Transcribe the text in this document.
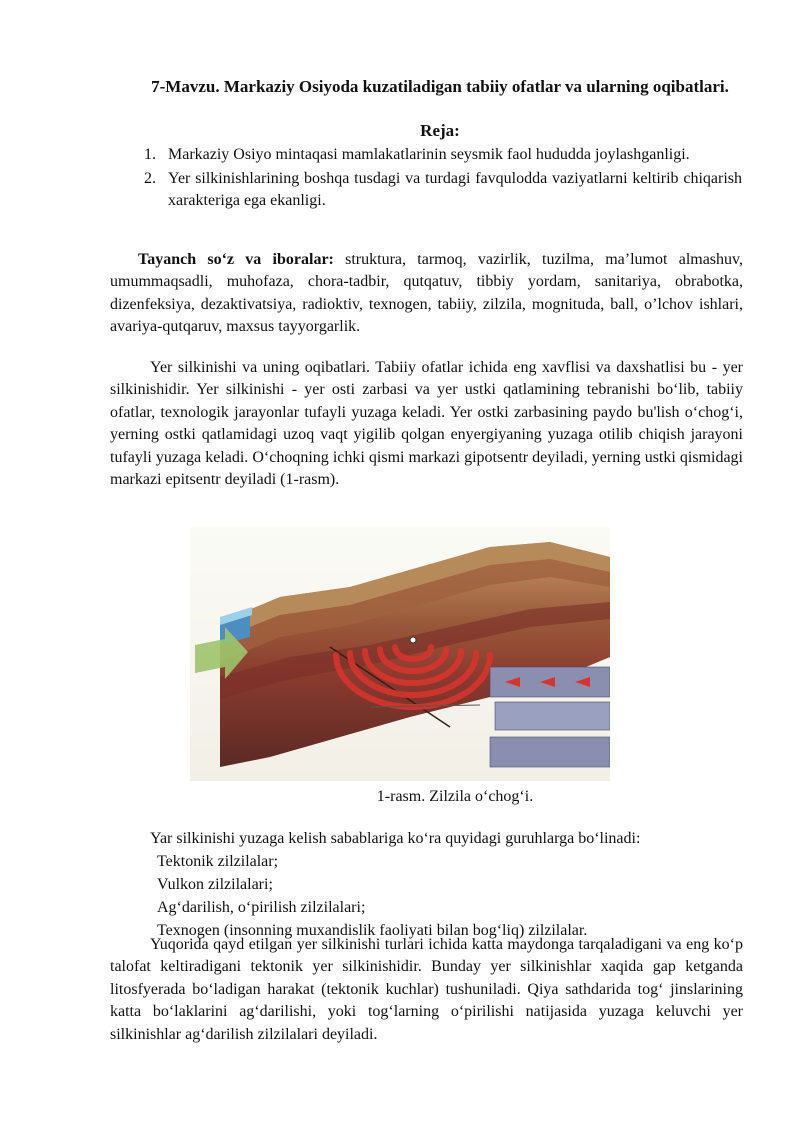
7-Mavzu. Markaziy Osiyoda kuzatiladigan tabiiy ofatlar va ularning oqibatlari.
Reja:
1. Markaziy Osiyo mintaqasi mamlakatlarinin seysmik faol hududda joylashganligi.
2. Yer silkinishlarining boshqa tusdagi va turdagi favqulodda vaziyatlarni keltirib chiqarish xarakteriga ega ekanligi.

Tayanch so‘z va iboralar: struktura, tarmoq, vazirlik, tuzilma, ma’lumot almashuv, umummaqsadli, muhofaza, chora-tadbir, qutqatuv, tibbiy yordam, sanitariya, obrabotka, dizenfeksiya, dezaktivatsiya, radioktiv, texnogen, tabiiy, zilzila, mognituda, ball, o’lchov ishlari, avariya-qutqaruv, maxsus tayyorgarlik.

Yer silkinishi va uning oqibatlari. Tabiiy ofatlar ichida eng xavflisi va daxshatlisi bu - yer silkinishidir. Yer silkinishi - yer osti zarbasi va yer ustki qatlamining tebranishi bo‘lib, tabiiy ofatlar, texnologik jarayonlar tufayli yuzaga keladi. Yer ostki zarbasining paydo bu'lish o‘chog‘i, yerning ostki qatlamidagi uzoq vaqt yigilib qolgan enyergiyaning yuzaga otilib chiqish jarayoni tufayli yuzaga keladi. O‘choqning ichki qismi markazi gipotsentr deyiladi, yerning ustki qismidagi markazi epitsentr deyiladi (1-rasm).

1-rasm. Zilzila o‘chog‘i.
Yar silkinishi yuzaga kelish sabablariga ko‘ra quyidagi guruhlarga bo‘linadi:
Tektonik zilzilalar;
Vulkon zilzilalari;
Ag‘darilish, o‘pirilish zilzilalari;
Texnogen (insonning muxandislik faoliyati bilan bog‘liq) zilzilalar.

Yuqorida qayd etilgan yer silkinishi turlari ichida katta maydonga tarqaladigani va eng ko‘p talofat keltiradigani tektonik yer silkinishidir. Bunday yer silkinishlar xaqida gap ketganda litosfyerada bo‘ladigan harakat (tektonik kuchlar) tushuniladi. Qiya sathdarida tog‘ jinslarining katta bo‘laklarini ag‘darilishi, yoki tog‘larning o‘pirilishi natijasida yuzaga keluvchi yer silkinishlar ag‘darilish zilzilalari deyiladi.
